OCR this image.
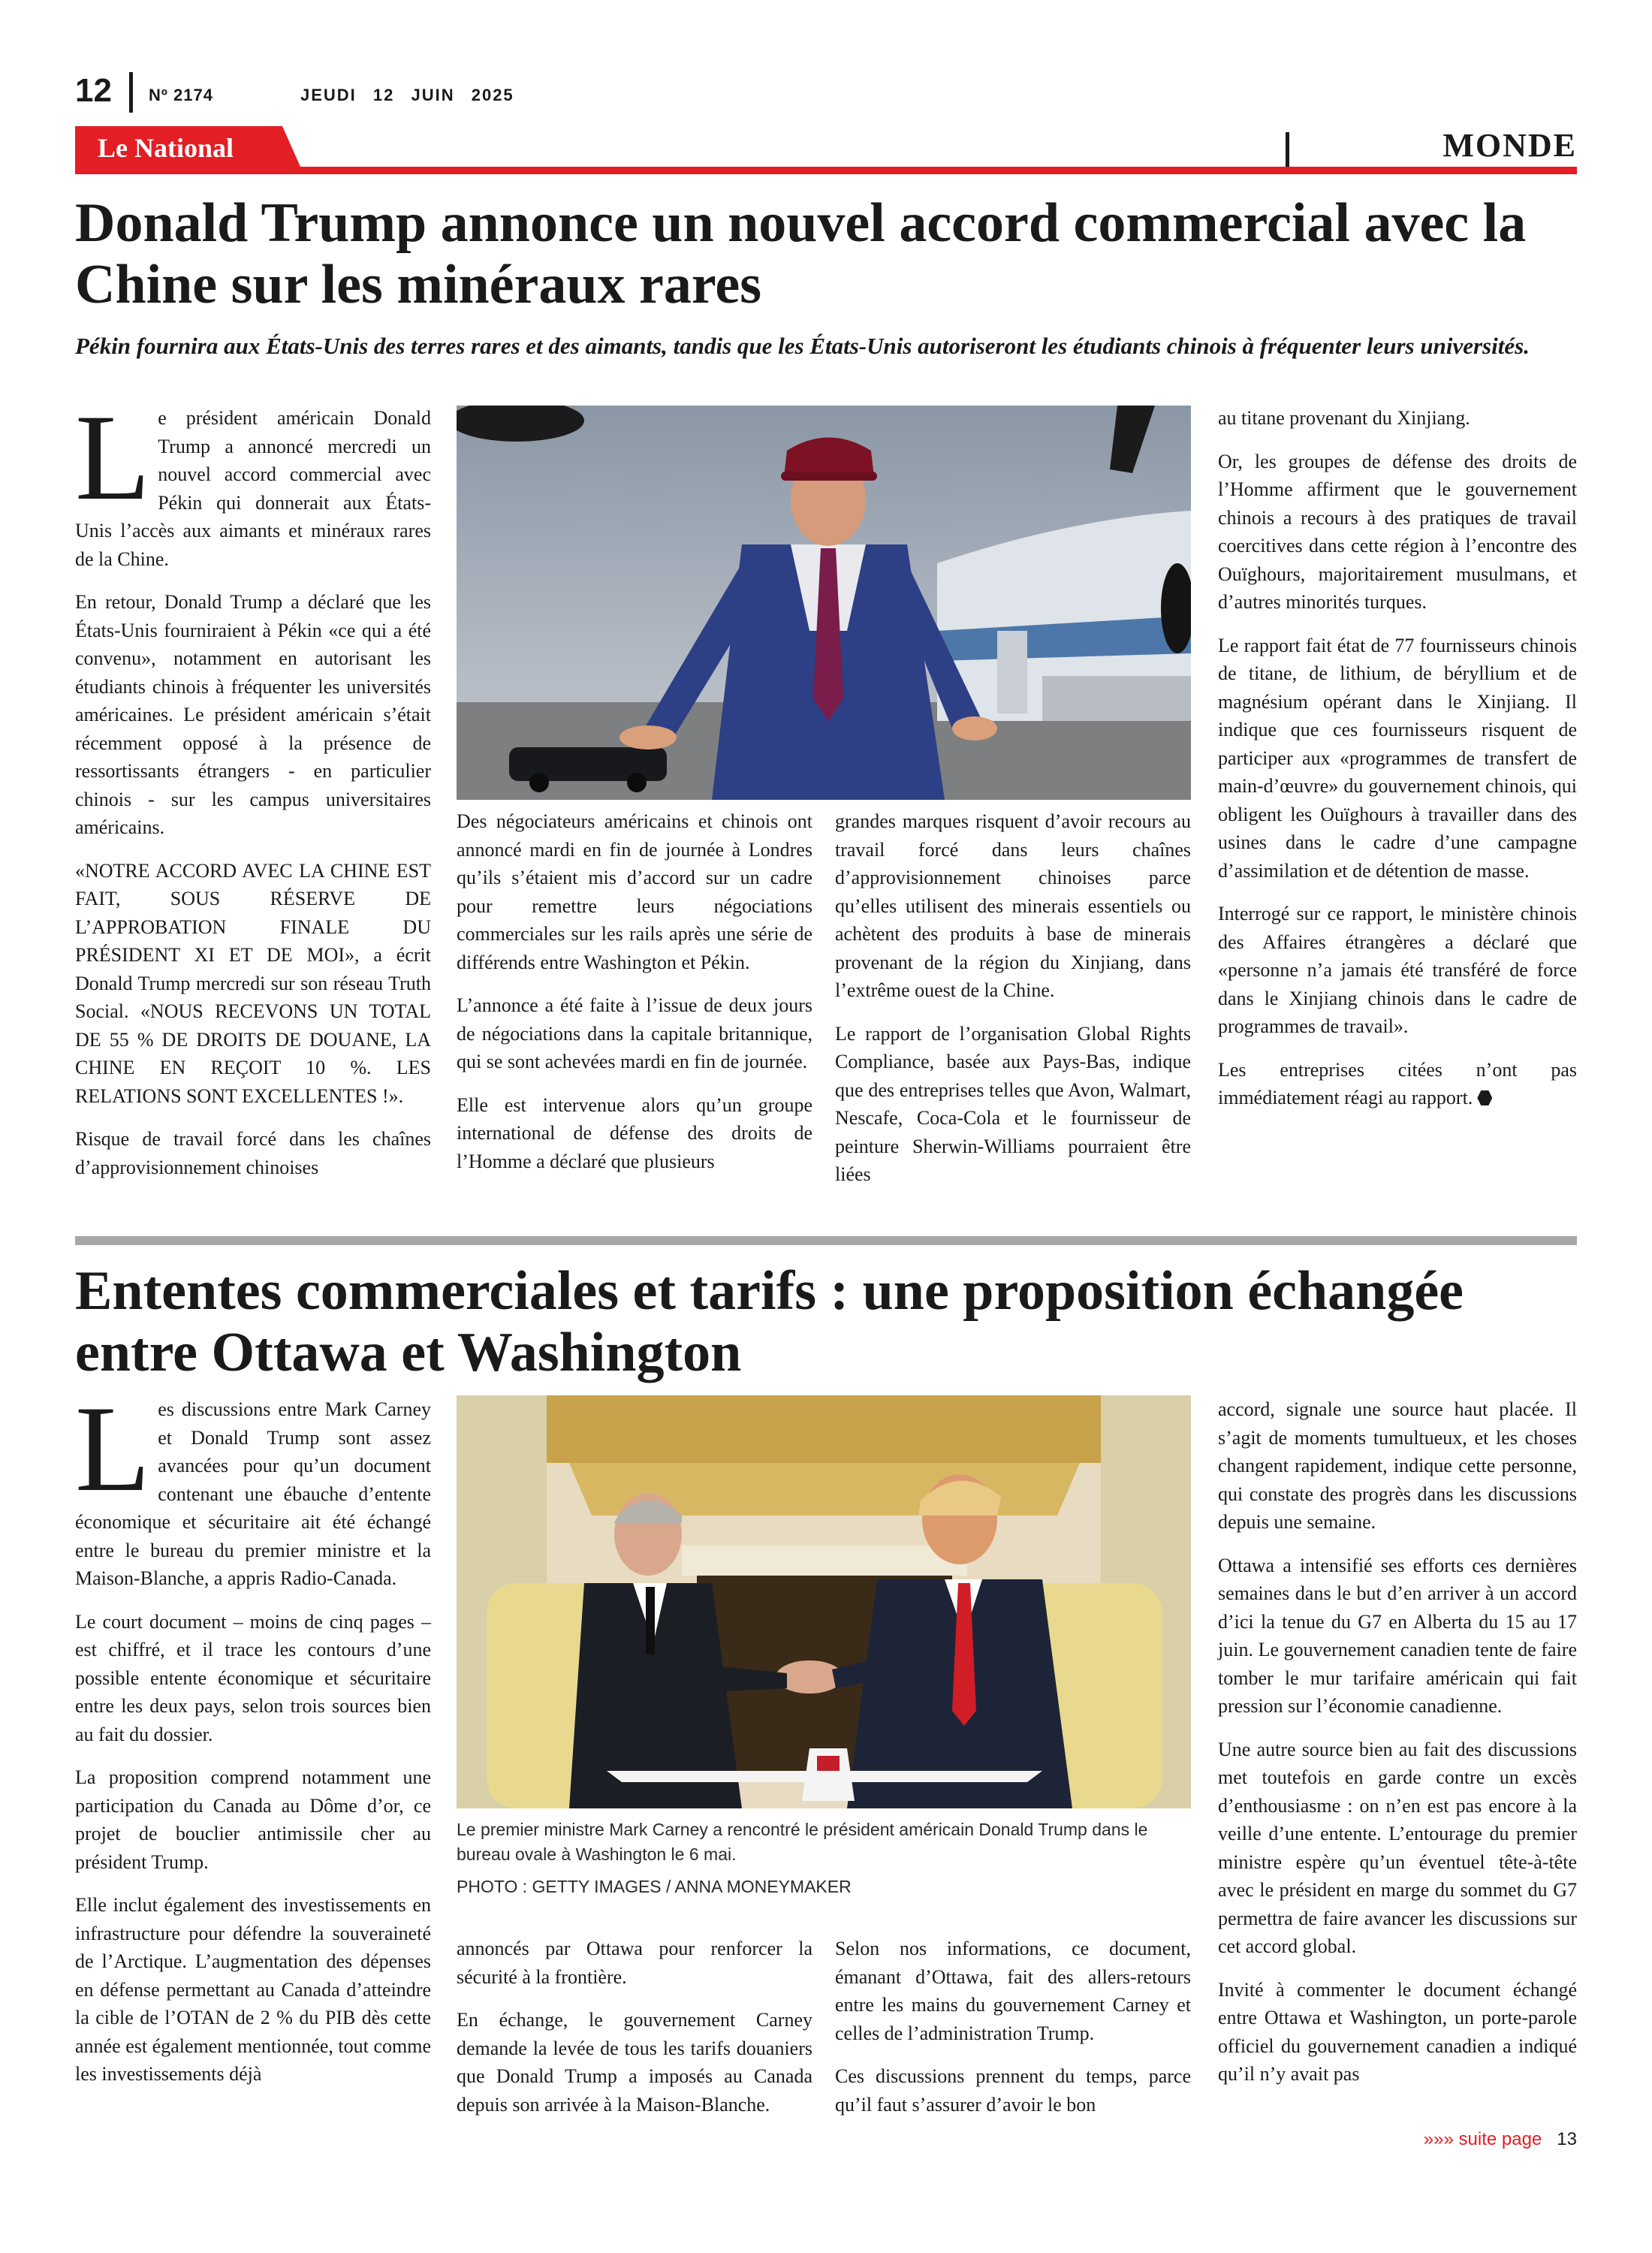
12 Nº 2174	JEUDI 12 JUIN 2025
Le National	MONDE
Donald Trump annonce un nouvel accord commercial avec la Chine sur les minéraux rares
Pékin fournira aux États-Unis des terres rares et des aimants, tandis que les États-Unis autoriseront les étudiants chinois à fréquenter leurs universités.
L e président américain Donald Trump a annoncé mercredi un nouvel accord commercial avec Pékin qui donnerait aux États-Unis l’accès aux aimants et minéraux rares de la Chine.

En retour, Donald Trump a déclaré que les États-Unis fourniraient à Pékin «ce qui a été convenu», notamment en autorisant les étudiants chinois à fréquenter les universités américaines. Le président américain s’était récemment opposé à la présence de ressortissants étrangers - en particulier chinois - sur les campus universitaires américains.

«NOTRE ACCORD AVEC LA CHINE EST FAIT, SOUS RÉSERVE DE L’APPROBATION FINALE DU PRÉSIDENT XI ET DE MOI», a écrit Donald Trump mercredi sur son réseau Truth Social. «NOUS RECEVONS UN TOTAL DE 55 % DE DROITS DE DOUANE, LA CHINE EN REÇOIT 10 %. LES RELATIONS SONT EXCELLENTES !».

Risque de travail forcé dans les chaînes d’approvisionnement chinoises

Des négociateurs américains et chinois ont annoncé mardi en fin de journée à Londres qu’ils s’étaient mis d’accord sur un cadre pour remettre leurs négociations commerciales sur les rails après une série de différends entre Washington et Pékin.

L’annonce a été faite à l’issue de deux jours de négociations dans la capitale britannique, qui se sont achevées mardi en fin de journée.

Elle est intervenue alors qu’un groupe international de défense des droits de l’Homme a déclaré que plusieurs

grandes marques risquent d’avoir recours au travail forcé dans leurs chaînes d’approvisionnement chinoises parce qu’elles utilisent des minerais essentiels ou achètent des produits à base de minerais provenant de la région du Xinjiang, dans l’extrême ouest de la Chine.

Le rapport de l’organisation Global Rights Compliance, basée aux Pays-Bas, indique que des entreprises telles que Avon, Walmart, Nescafe, Coca-Cola et le fournisseur de peinture Sherwin-Williams pourraient être liées

au titane provenant du Xinjiang.

Or, les groupes de défense des droits de l’Homme affirment que le gouvernement chinois a recours à des pratiques de travail coercitives dans cette région à l’encontre des Ouïghours, majoritairement musulmans, et d’autres minorités turques.

Le rapport fait état de 77 fournisseurs chinois de titane, de lithium, de béryllium et de magnésium opérant dans le Xinjiang. Il indique que ces fournisseurs risquent de participer aux «programmes de transfert de main-d’œuvre» du gouvernement chinois, qui obligent les Ouïghours à travailler dans des usines dans le cadre d’une campagne d’assimilation et de détention de masse.

Interrogé sur ce rapport, le ministère chinois des Affaires étrangères a déclaré que «personne n’a jamais été transféré de force dans le Xinjiang chinois dans le cadre de programmes de travail».

Les entreprises citées n’ont pas immédiatement réagi au rapport.

Ententes commerciales et tarifs : une proposition échangée entre Ottawa et Washington
L es discussions entre Mark Carney et Donald Trump sont assez avancées pour qu’un document contenant une ébauche d’entente économique et sécuritaire ait été échangé entre le bureau du premier ministre et la Maison-Blanche, a appris Radio-Canada.

Le court document – moins de cinq pages – est chiffré, et il trace les contours d’une possible entente économique et sécuritaire entre les deux pays, selon trois sources bien au fait du dossier.

La proposition comprend notamment une participation du Canada au Dôme d’or, ce projet de bouclier antimissile cher au président Trump.

Elle inclut également des investissements en infrastructure pour défendre la souveraineté de l’Arctique. L’augmentation des dépenses en défense permettant au Canada d’atteindre la cible de l’OTAN de 2 % du PIB dès cette année est également mentionnée, tout comme les investissements déjà

Le premier ministre Mark Carney a rencontré le président américain Donald Trump dans le bureau ovale à Washington le 6 mai.
PHOTO : GETTY IMAGES / ANNA MONEYMAKER

annoncés par Ottawa pour renforcer la sécurité à la frontière.

En échange, le gouvernement Carney demande la levée de tous les tarifs douaniers que Donald Trump a imposés au Canada depuis son arrivée à la Maison-Blanche.

Selon nos informations, ce document, émanant d’Ottawa, fait des allers-retours entre les mains du gouvernement Carney et celles de l’administration Trump.

Ces discussions prennent du temps, parce qu’il faut s’assurer d’avoir le bon

accord, signale une source haut placée. Il s’agit de moments tumultueux, et les choses changent rapidement, indique cette personne, qui constate des progrès dans les discussions depuis une semaine.

Ottawa a intensifié ses efforts ces dernières semaines dans le but d’en arriver à un accord d’ici la tenue du G7 en Alberta du 15 au 17 juin. Le gouvernement canadien tente de faire tomber le mur tarifaire américain qui fait pression sur l’économie canadienne.

Une autre source bien au fait des discussions met toutefois en garde contre un excès d’enthousiasme : on n’en est pas encore à la veille d’une entente. L’entourage du premier ministre espère qu’un éventuel tête-à-tête avec le président en marge du sommet du G7 permettra de faire avancer les discussions sur cet accord global.

Invité à commenter le document échangé entre Ottawa et Washington, un porte-parole officiel du gouvernement canadien a indiqué qu’il n’y avait pas

»»» suite page 13
